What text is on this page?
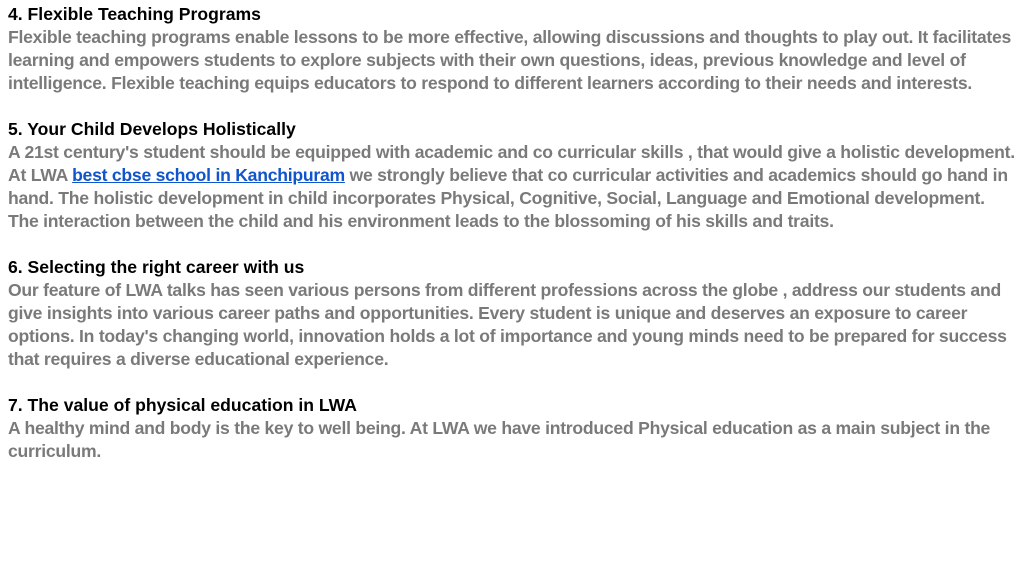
4. Flexible Teaching Programs

Flexible teaching programs enable lessons to be more effective, allowing discussions and thoughts to play out. It facilitates learning and empowers students to explore subjects with their own questions, ideas, previous knowledge and level of intelligence. Flexible teaching equips educators to respond to different learners according to their needs and interests.

5. Your Child Develops Holistically

A 21st century's student should be equipped with academic and co curricular skills , that would give a holistic development. At LWA best cbse school in Kanchipuram we strongly believe that co curricular activities and academics should go hand in hand. The holistic development in child incorporates Physical, Cognitive, Social, Language and Emotional development. The interaction between the child and his environment leads to the blossoming of his skills and traits.

6. Selecting the right career with us

Our feature of LWA talks has seen various persons from different professions across the globe , address our students and give insights into various career paths and opportunities. Every student is unique and deserves an exposure to career options. In today's changing world, innovation holds a lot of importance and young minds need to be prepared for success that requires a diverse educational experience.

7. The value of physical education in LWA

A healthy mind and body is the key to well being. At LWA we have introduced Physical education as a main subject in the curriculum.
